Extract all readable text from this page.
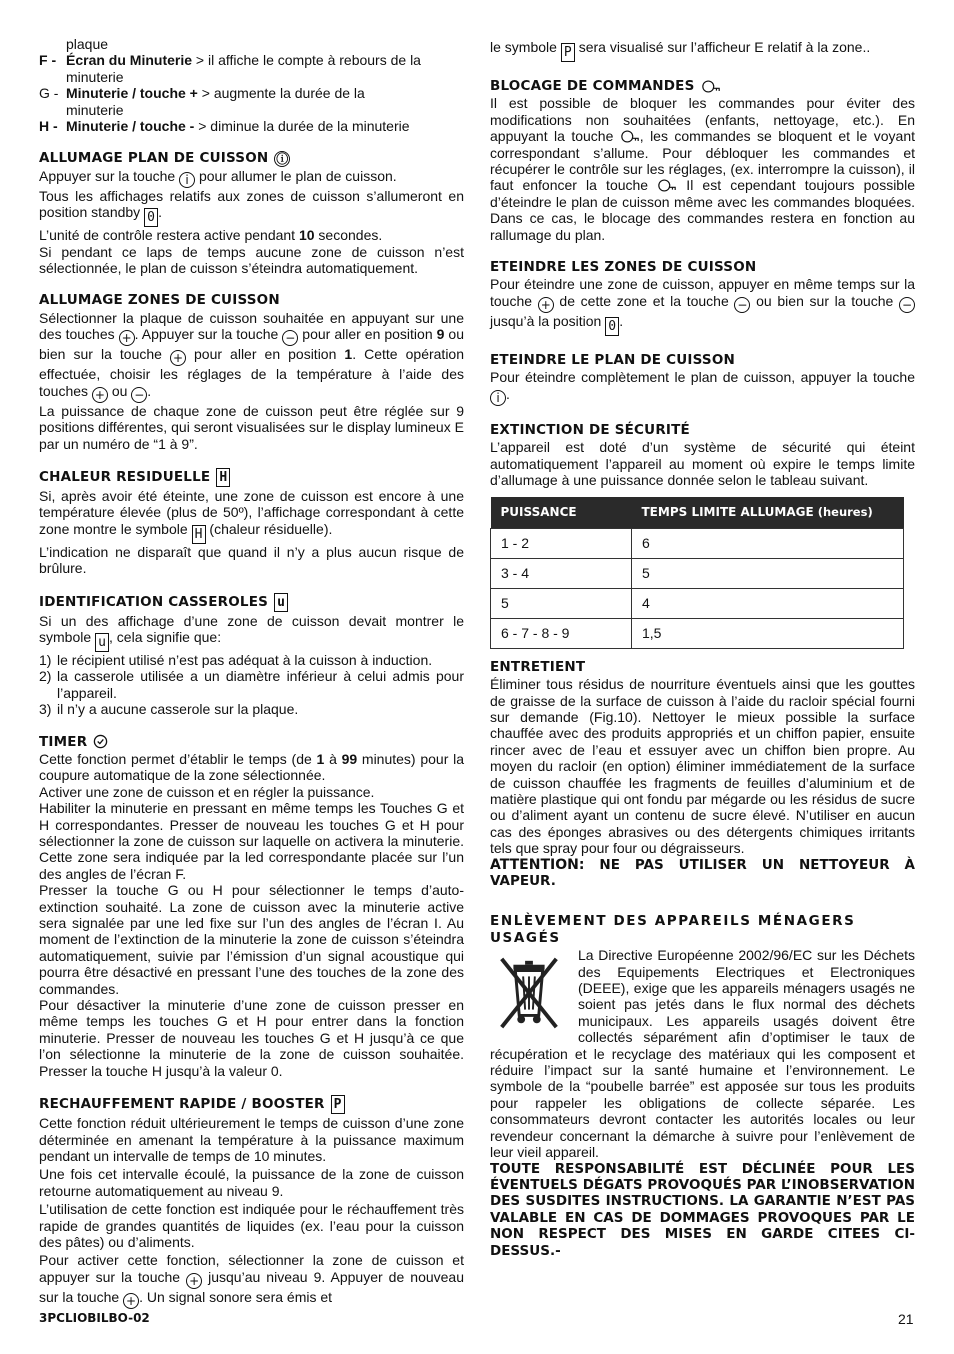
plaque
F - Écran du Minuterie > il affiche le compte à rebours de la
minuterie
G - Minuterie / touche + > augmente la durée de la
minuterie
H - Minuterie / touche - > diminue la durée de la minuterie
ALLUMAGE PLAN DE CUISSON ⓘ

Appuyer sur la touche i pour allumer le plan de cuisson.

Tous les affichages relatifs aux zones de cuisson s’allumeront en position standby 0 .

L’unité de contrôle restera active pendant 10 secondes.

Si pendant ce laps de temps aucune zone de cuisson n’est sélectionnée, le plan de cuisson s’éteindra automatiquement.

ALLUMAGE ZONES DE CUISSON

Sélectionner la plaque de cuisson souhaitée en appuyant sur une des touches + . Appuyer sur la touche − pour aller en position 9 ou bien sur la touche + pour aller en position 1. Cette opération effectuée, choisir les réglages de la température à l’aide des touches + ou − .

La puissance de chaque zone de cuisson peut être réglée sur 9 positions différentes, qui seront visualisées sur le display lumineux E par un numéro de “1 à 9”.

CHALEUR RESIDUELLE H

Si, après avoir été éteinte, une zone de cuisson est encore à une température élevée (plus de 50º), l’affichage correspondant à cette zone montre le symbole H (chaleur résiduelle).

L’indication ne disparaît que quand il n’y a plus aucun risque de brûlure.

IDENTIFICATION CASSEROLES u

Si un des affichage d’une zone de cuisson devait montrer le symbole u , cela signifie que:

1) le récipient utilisé n’est pas adéquat à la cuisson à induction.
2) la casserole utilisée a un diamètre inférieur à celui admis pour l’appareil.
3) il n’y a aucune casserole sur la plaque.
TIMER

Cette fonction permet d’établir le temps (de 1 à 99 minutes) pour la coupure automatique de la zone sélectionnée.

Activer une zone de cuisson et en régler la puissance.

Habiliter la minuterie en pressant en même temps les Touches G et H correspondantes. Presser de nouveau les touches G et H pour sélectionner la zone de cuisson sur laquelle on activera la minuterie. Cette zone sera indiquée par la led correspondante placée sur l’un des angles de l’écran F.

Presser la touche G ou H pour sélectionner le temps d’auto-extinction souhaité. La zone de cuisson avec la minuterie active sera signalée par une led fixe sur l’un des angles de l’écran I. Au moment de l’extinction de la minuterie la zone de cuisson s’éteindra automatiquement, suivie par l’émission d’un signal acoustique qui pourra être désactivé en pressant l’une des touches de la zone des commandes.

Pour désactiver la minuterie d’une zone de cuisson presser en même temps les touches G et H pour entrer dans la fonction minuterie. Presser de nouveau les touches G et H jusqu’à ce que l’on sélectionne la minuterie de la zone de cuisson souhaitée. Presser la touche H jusqu’à la valeur 0.

RECHAUFFEMENT RAPIDE / BOOSTER P

Cette fonction réduit ultérieurement le temps de cuisson d’une zone déterminée en amenant la température à la puissance maximum pendant un intervalle de temps de 10 minutes.

Une fois cet intervalle écoulé, la puissance de la zone de cuisson retourne automatiquement au niveau 9.

L’utilisation de cette fonction est indiquée pour le réchauffement très rapide de grandes quantités de liquides (ex. l’eau pour la cuisson des pâtes) ou d’aliments.

Pour activer cette fonction, sélectionner la zone de cuisson et appuyer sur la touche + jusqu’au niveau 9. Appuyer de nouveau sur la touche + . Un signal sonore sera émis et

le symbole P sera visualisé sur l’afficheur E relatif à la zone..

BLOCAGE DE COMMANDES

Il est possible de bloquer les commandes pour éviter des modifications non souhaitées (enfants, nettoyage, etc.). En appuyant la touche , les commandes se bloquent et le voyant correspondant s’allume. Pour débloquer les commandes et récupérer le contrôle sur les réglages, (ex. interrompre la cuisson), il faut enfoncer la touche  Il est cependant toujours possible d’éteindre le plan de cuisson même avec les commandes bloquées. Dans ce cas, le blocage des commandes restera en fonction au rallumage du plan.

ETEINDRE LES ZONES DE CUISSON

Pour éteindre une zone de cuisson, appuyer en même temps sur la touche + de cette zone et la touche − ou bien sur la touche − jusqu’à la position 0 .

ETEINDRE LE PLAN DE CUISSON

Pour éteindre complètement le plan de cuisson, appuyer la touche i .

EXTINCTION DE SÉCURITÉ

L’appareil est doté d’un système de sécurité qui éteint automatiquement l’appareil au moment où expire le temps limite d’allumage à une puissance donnée selon le tableau suivant.

PUISSANCE	TEMPS LIMITE ALLUMAGE (heures)
1 - 2	6
3 - 4	5
5	4
6 - 7 - 8 - 9	1,5
ENTRETIENT

Éliminer tous résidus de nourriture éventuels ainsi que les gouttes de graisse de la surface de cuisson à l’aide du racloir spécial fourni sur demande (Fig.10). Nettoyer le mieux possible la surface chauffée avec des produits appropriés et un chiffon papier, ensuite rincer avec de l’eau et essuyer avec un chiffon bien propre. Au moyen du racloir (en option) éliminer immédiatement de la surface de cuisson chauffée les fragments de feuilles d’aluminium et de matière plastique qui ont fondu par mégarde ou les résidus de sucre ou d’aliment ayant un contenu de sucre élevé. N’utiliser en aucun cas des éponges abrasives ou des détergents chimiques irritants tels que spray pour four ou dégraisseurs.

ATTENTION: NE PAS UTILISER UN NETTOYEUR À VAPEUR.

ENLÈVEMENT DES APPAREILS MÉNAGERS USAGÉS

La Directive Européenne 2002/96/EC sur les Déchets des Equipements Electriques et Electroniques (DEEE), exige que les appareils ménagers usagés ne soient pas jetés dans le flux normal des déchets municipaux. Les appareils usagés doivent être collectés séparément afin d’optimiser le taux de récupération et le recyclage des matériaux qui les composent et réduire l’impact sur la santé humaine et l’environnement. Le symbole de la “poubelle barrée” est apposée sur tous les produits pour rappeler les obligations de collecte séparée. Les consommateurs devront contacter les autorités locales ou leur revendeur concernant la démarche à suivre pour l’enlèvement de leur vieil appareil.

TOUTE RESPONSABILITÉ EST DÉCLINÉE POUR LES ÉVENTUELS DÉGATS PROVOQUÉS PAR L’INOBSERVATION DES SUSDITES INSTRUCTIONS. LA GARANTIE N’EST PAS VALABLE EN CAS DE DOMMAGES PROVOQUES PAR LE NON RESPECT DES MISES EN GARDE CITEES CI-DESSUS.-

3PCLIOBILBO-02	21
